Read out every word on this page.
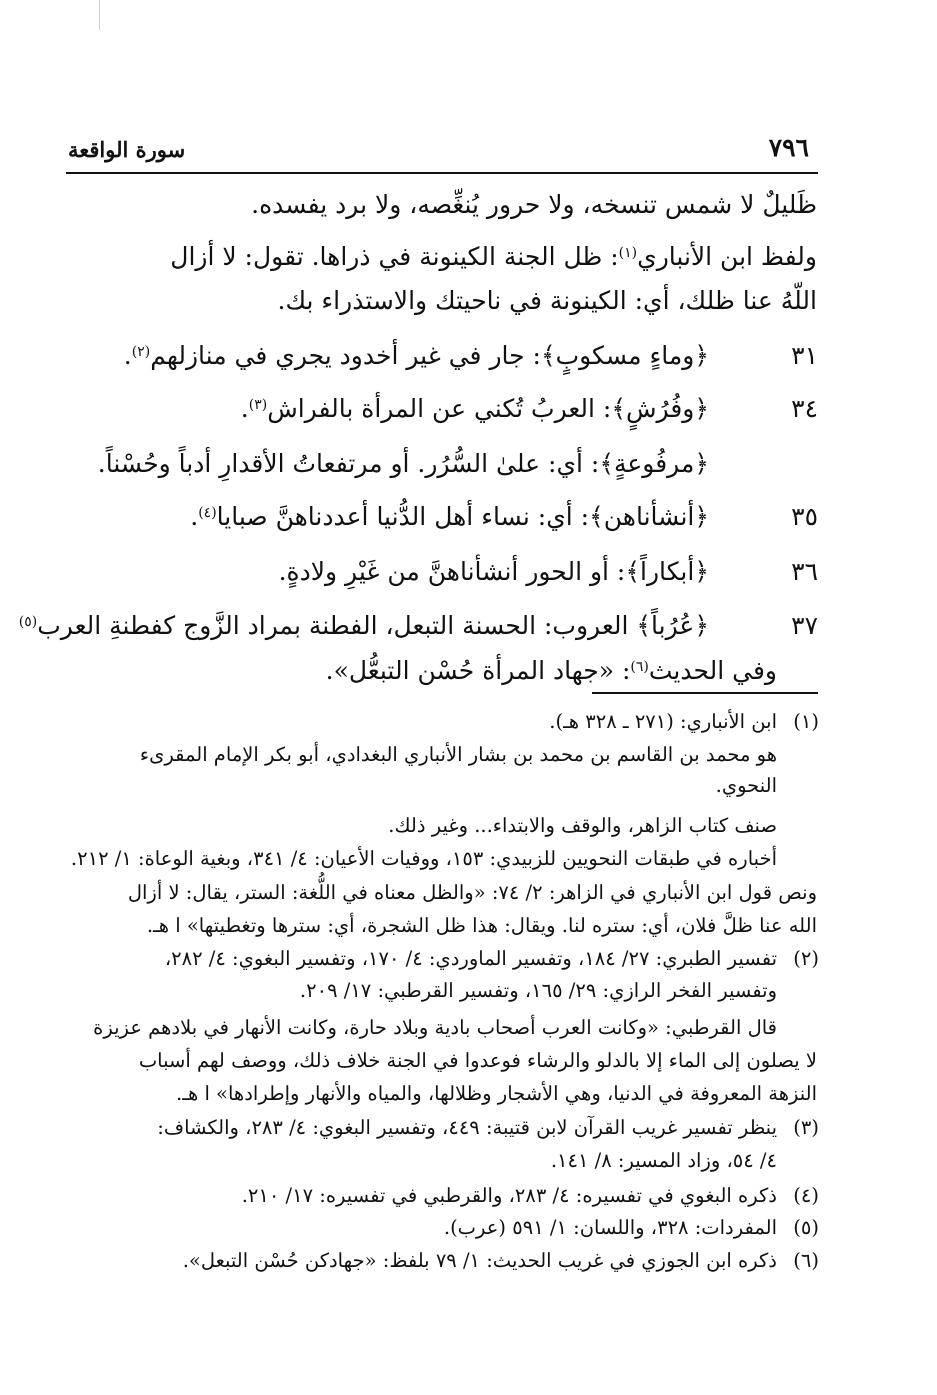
٧٩٦
سورة الواقعة
ظَليلٌ لا شمس تنسخه، ولا حرور يُنغِّصه، ولا برد يفسده.
ولفظ ابن الأنباري$^{(١)}$: ظل الجنة الكينونة في ذراها. تقول: لا أزال
اللّهُ عنا ظلك، أي: الكينونة في ناحيتك والاستذراء بك.
٣١
﴿وماءٍ مسكوبٍ﴾: جار في غير أخدود يجري في منازلهم$^{(٢)}$.
٣٤
﴿وفُرُشٍ﴾: العربُ تُكني عن المرأة بالفراش$^{(٣)}$.
﴿مرفُوعةٍ﴾: أي: علىٰ السُّرُر. أو مرتفعاتُ الأقدارِ أدباً وحُسْناً.
٣٥
﴿أنشأناهن﴾: أي: نساء أهل الدُّنيا أعددناهنَّ صبايا$^{(٤)}$.
٣٦
﴿أبكاراً﴾: أو الحور أنشأناهنَّ من غَيْرِ ولادةٍ.
٣٧
﴿عُرُباً﴾ العروب: الحسنة التبعل، الفطنة بمراد الزَّوج كفطنةِ العرب$^{(٥)}$
وفي الحديث$^{(٦)}$: «جهاد المرأة حُسْن التبعُّل».
(١)
ابن الأنباري: (٢٧١ ـ ٣٢٨ هـ).
هو محمد بن القاسم بن محمد بن بشار الأنباري البغدادي، أبو بكر الإمام المقرىء
النحوي.
صنف كتاب الزاهر، والوقف والابتداء... وغير ذلك.
أخباره في طبقات النحويين للزبيدي: ١٥٣، ووفيات الأعيان: ٤/ ٣٤١، وبغية الوعاة: ١/ ٢١٢.
ونص قول ابن الأنباري في الزاهر: ٢/ ٧٤: «والظل معناه في اللُّغة: الستر، يقال: لا أزال
الله عنا ظلَّ فلان، أي: ستره لنا. ويقال: هذا ظل الشجرة، أي: سترها وتغطيتها» ا هـ.
(٢)
تفسير الطبري: ٢٧/ ١٨٤، وتفسير الماوردي: ٤/ ١٧٠، وتفسير البغوي: ٤/ ٢٨٢،
وتفسير الفخر الرازي: ٢٩/ ١٦٥، وتفسير القرطبي: ١٧/ ٢٠٩.
قال القرطبي: «وكانت العرب أصحاب بادية وبلاد حارة، وكانت الأنهار في بلادهم عزيزة
لا يصلون إلى الماء إلا بالدلو والرشاء فوعدوا في الجنة خلاف ذلك، ووصف لهم أسباب
النزهة المعروفة في الدنيا، وهي الأشجار وظلالها، والمياه والأنهار وإطرادها» ا هـ.
(٣)
ينظر تفسير غريب القرآن لابن قتيبة: ٤٤٩، وتفسير البغوي: ٤/ ٢٨٣، والكشاف:
٤/ ٥٤، وزاد المسير: ٨/ ١٤١.
(٤)
ذكره البغوي في تفسيره: ٤/ ٢٨٣، والقرطبي في تفسيره: ١٧/ ٢١٠.
(٥)
المفردات: ٣٢٨، واللسان: ١/ ٥٩١ (عرب).
(٦)
ذكره ابن الجوزي في غريب الحديث: ١/ ٧٩ بلفظ: «جهادكن حُسْن التبعل».
